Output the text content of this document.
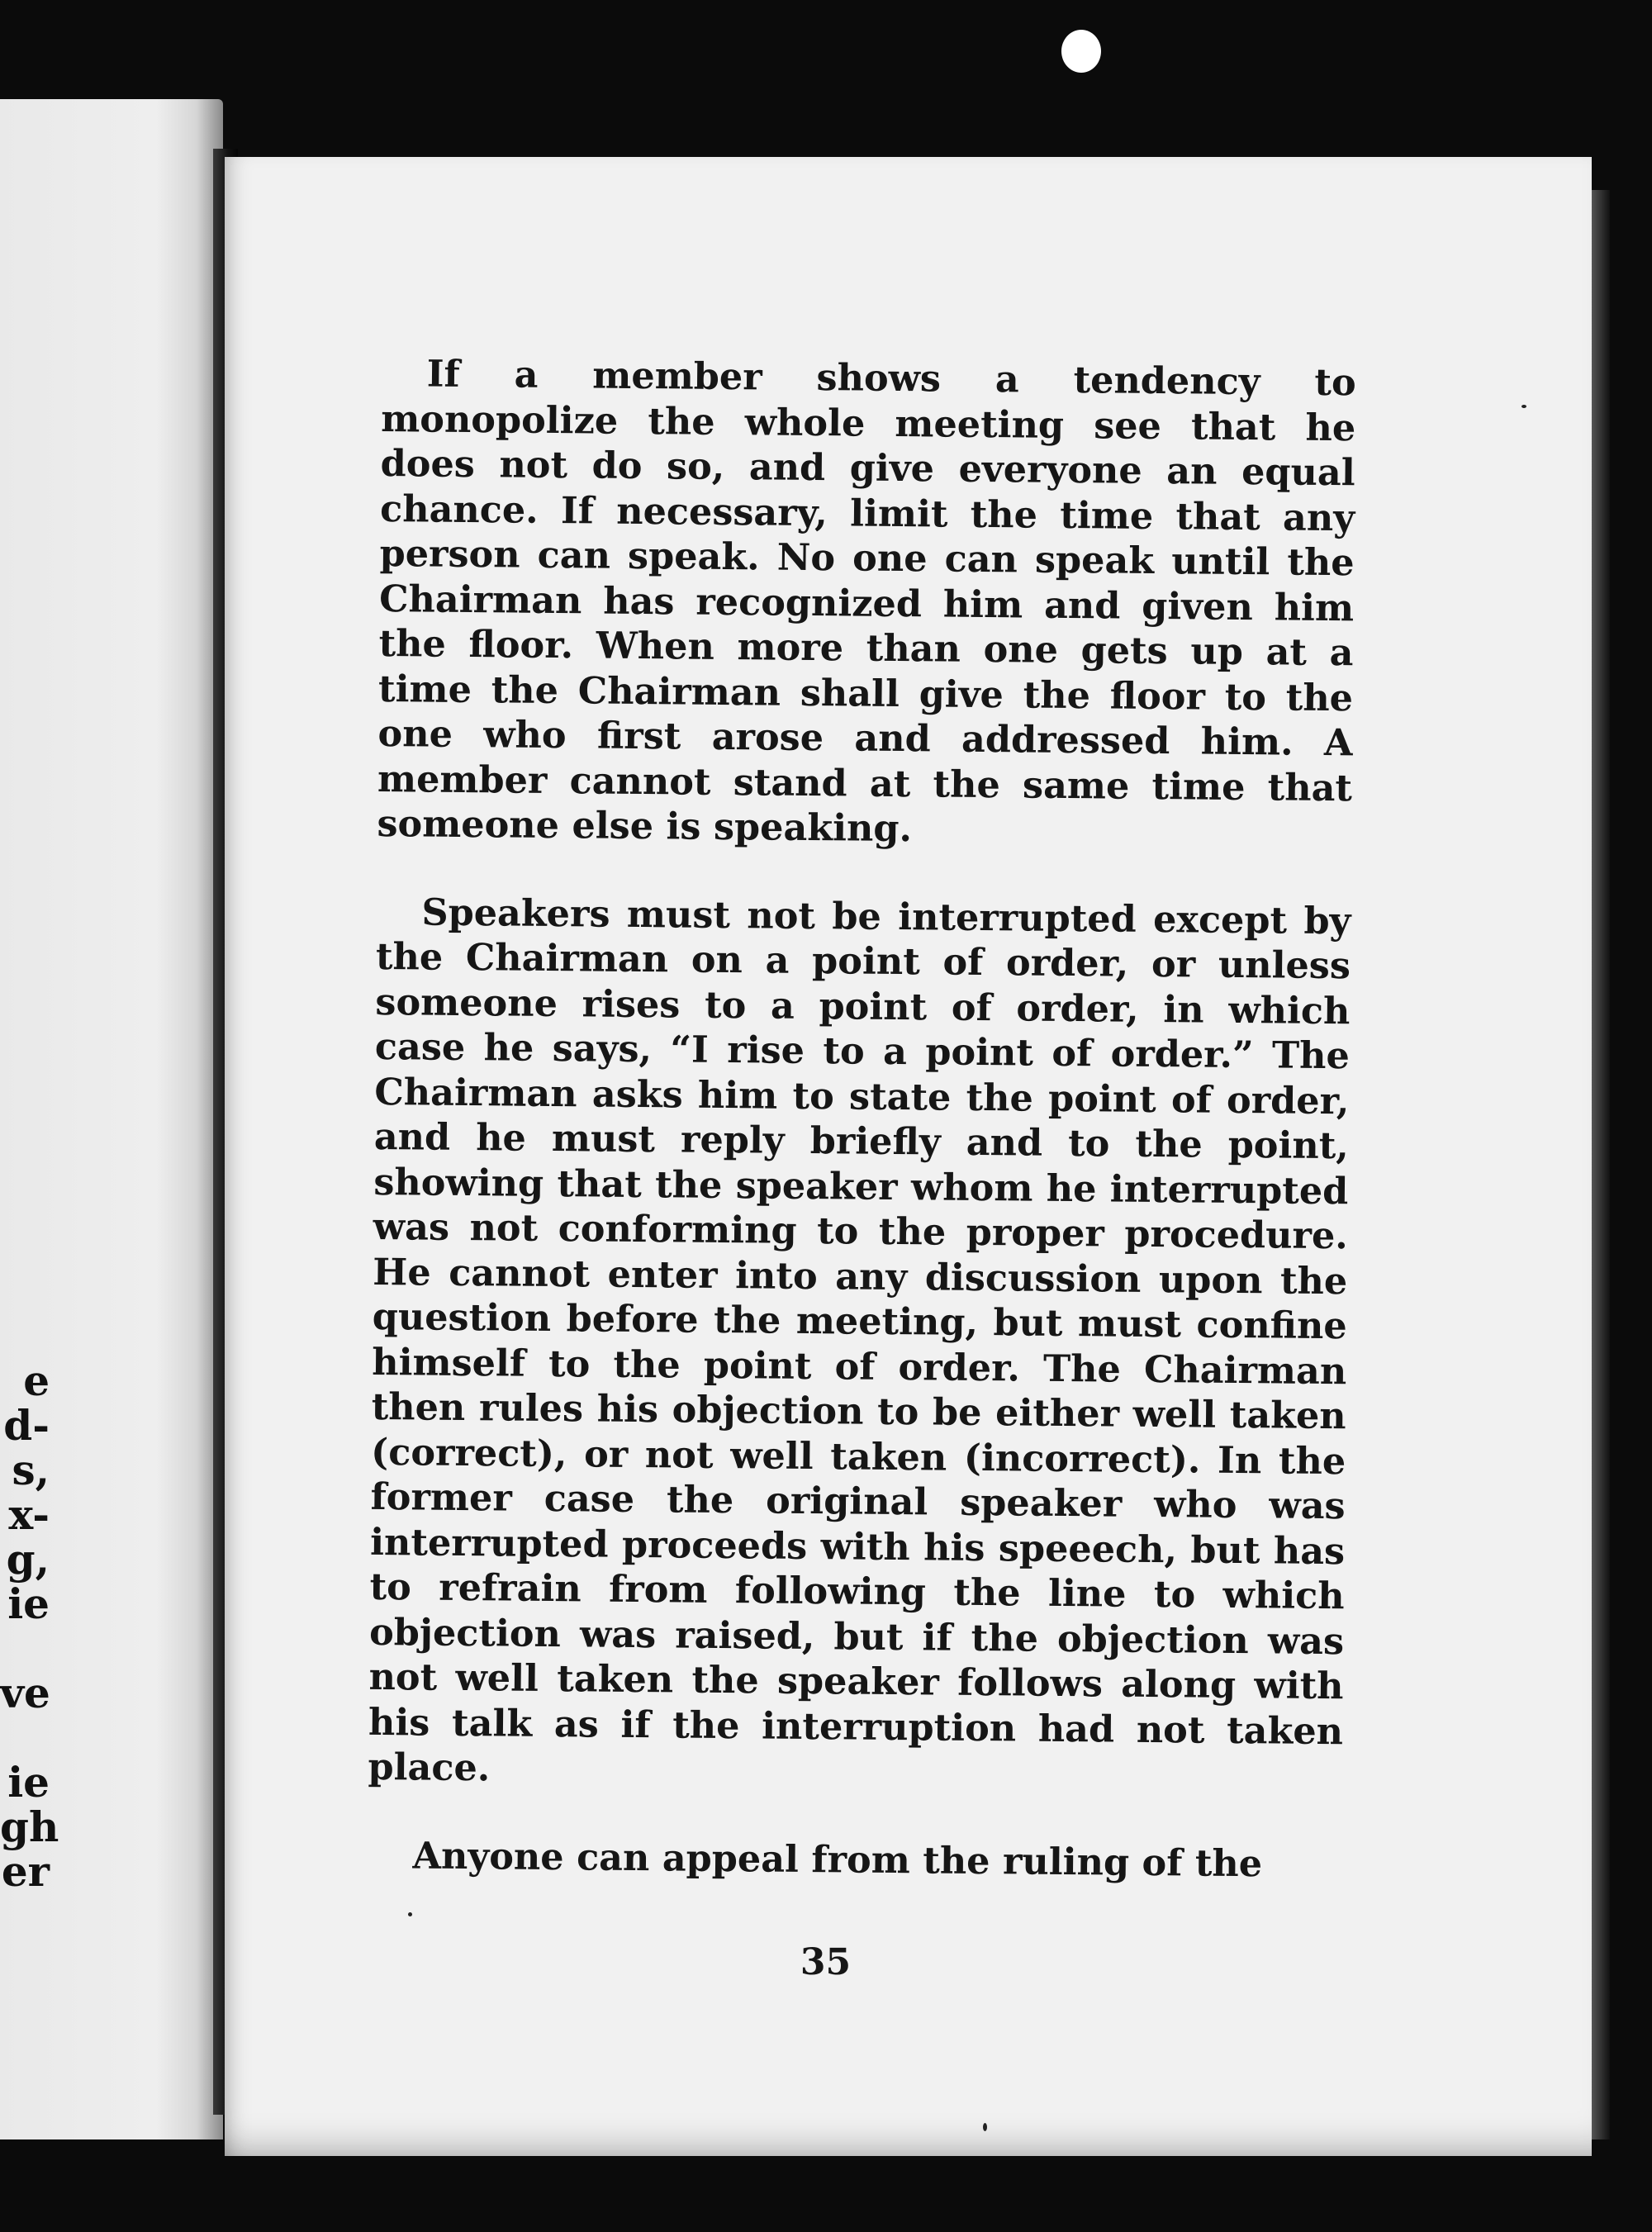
e
d-
s,
x-
g,
ie
ve
ie
gh
er

If a member shows a tendency to monopolize the whole meeting see that he does not do so, and give everyone an equal chance. If necessary, limit the time that any person can speak. No one can speak until the Chairman has recognized him and given him the floor. When more than one gets up at a time the Chairman shall give the floor to the one who first arose and addressed him. A member cannot stand at the same time that someone else is speaking.

Speakers must not be interrupted except by the Chairman on a point of order, or unless someone rises to a point of order, in which case he says, “I rise to a point of order.” The Chairman asks him to state the point of order, and he must reply briefly and to the point, showing that the speaker whom he interrupted was not conforming to the proper procedure. He cannot enter into any discussion upon the question before the meeting, but must confine himself to the point of order. The Chairman then rules his objection to be either well taken (correct), or not well taken (incorrect). In the former case the original speaker who was interrupted proceeds with his speeech, but has to refrain from following the line to which objection was raised, but if the objection was not well taken the speaker follows along with his talk as if the interruption had not taken place.

Anyone can appeal from the ruling of the

35
